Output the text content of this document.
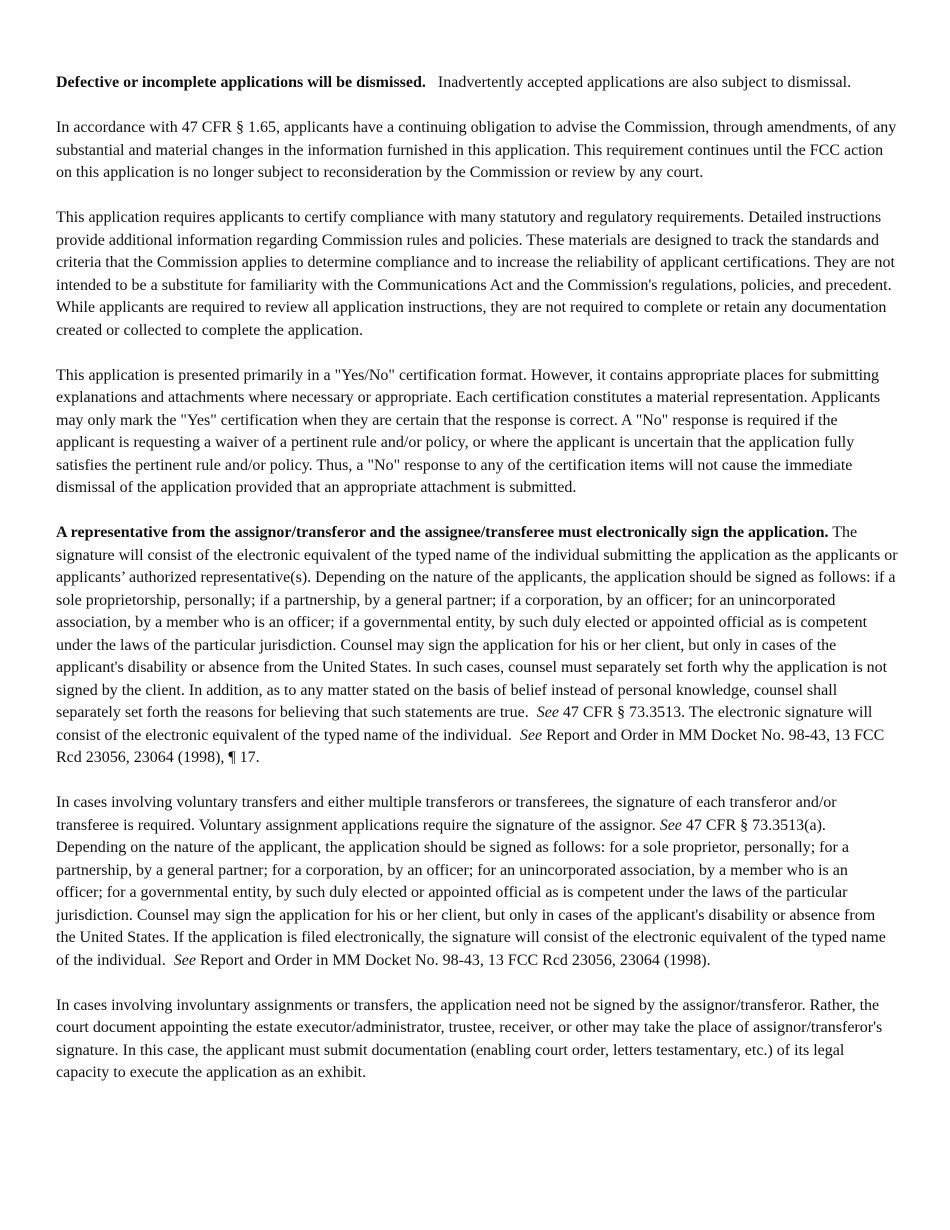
Defective or incomplete applications will be dismissed. Inadvertently accepted applications are also subject to dismissal.

In accordance with 47 CFR § 1.65, applicants have a continuing obligation to advise the Commission, through amendments, of any substantial and material changes in the information furnished in this application. This requirement continues until the FCC action on this application is no longer subject to reconsideration by the Commission or review by any court.

This application requires applicants to certify compliance with many statutory and regulatory requirements. Detailed instructions provide additional information regarding Commission rules and policies. These materials are designed to track the standards and criteria that the Commission applies to determine compliance and to increase the reliability of applicant certifications. They are not intended to be a substitute for familiarity with the Communications Act and the Commission's regulations, policies, and precedent. While applicants are required to review all application instructions, they are not required to complete or retain any documentation created or collected to complete the application.

This application is presented primarily in a "Yes/No" certification format. However, it contains appropriate places for submitting explanations and attachments where necessary or appropriate. Each certification constitutes a material representation. Applicants may only mark the "Yes" certification when they are certain that the response is correct. A "No" response is required if the applicant is requesting a waiver of a pertinent rule and/or policy, or where the applicant is uncertain that the application fully satisfies the pertinent rule and/or policy. Thus, a "No" response to any of the certification items will not cause the immediate dismissal of the application provided that an appropriate attachment is submitted.

A representative from the assignor/transferor and the assignee/transferee must electronically sign the application. The signature will consist of the electronic equivalent of the typed name of the individual submitting the application as the applicants or applicants’ authorized representative(s). Depending on the nature of the applicants, the application should be signed as follows: if a sole proprietorship, personally; if a partnership, by a general partner; if a corporation, by an officer; for an unincorporated association, by a member who is an officer; if a governmental entity, by such duly elected or appointed official as is competent under the laws of the particular jurisdiction. Counsel may sign the application for his or her client, but only in cases of the applicant's disability or absence from the United States. In such cases, counsel must separately set forth why the application is not signed by the client. In addition, as to any matter stated on the basis of belief instead of personal knowledge, counsel shall separately set forth the reasons for believing that such statements are true. See 47 CFR § 73.3513. The electronic signature will consist of the electronic equivalent of the typed name of the individual. See Report and Order in MM Docket No. 98-43, 13 FCC Rcd 23056, 23064 (1998), ¶ 17.

In cases involving voluntary transfers and either multiple transferors or transferees, the signature of each transferor and/or transferee is required. Voluntary assignment applications require the signature of the assignor. See 47 CFR § 73.3513(a). Depending on the nature of the applicant, the application should be signed as follows: for a sole proprietor, personally; for a partnership, by a general partner; for a corporation, by an officer; for an unincorporated association, by a member who is an officer; for a governmental entity, by such duly elected or appointed official as is competent under the laws of the particular jurisdiction. Counsel may sign the application for his or her client, but only in cases of the applicant's disability or absence from the United States. If the application is filed electronically, the signature will consist of the electronic equivalent of the typed name of the individual. See Report and Order in MM Docket No. 98-43, 13 FCC Rcd 23056, 23064 (1998).

In cases involving involuntary assignments or transfers, the application need not be signed by the assignor/transferor. Rather, the court document appointing the estate executor/administrator, trustee, receiver, or other may take the place of assignor/transferor's signature. In this case, the applicant must submit documentation (enabling court order, letters testamentary, etc.) of its legal capacity to execute the application as an exhibit.
